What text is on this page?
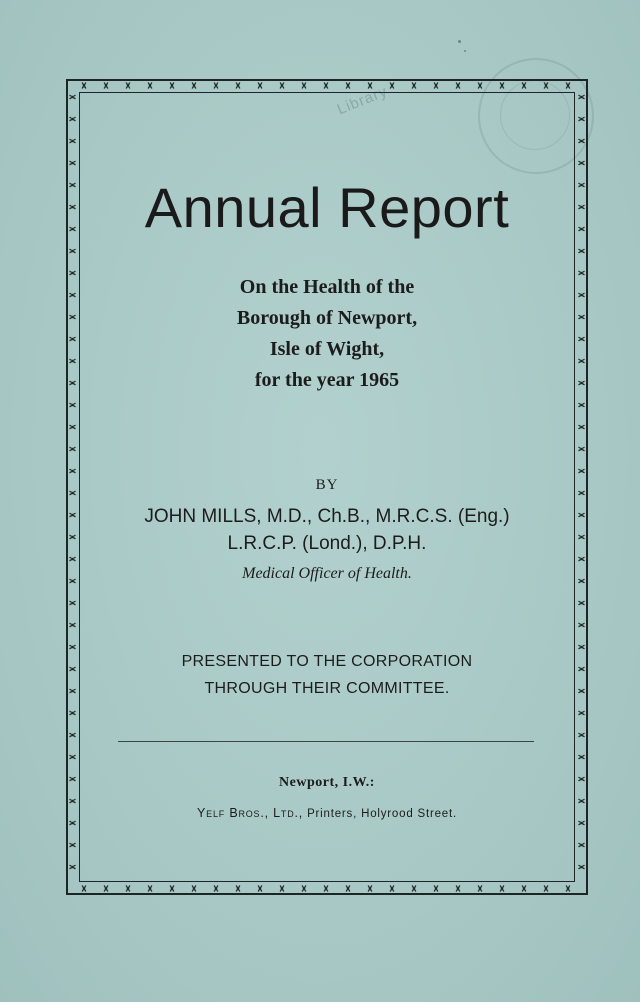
Library
Annual Report
On the Health of the
Borough of Newport,
Isle of Wight,
for the year 1965
BY
JOHN MILLS, M.D., Ch.B., M.R.C.S. (Eng.)
L.R.C.P. (Lond.), D.P.H.
Medical Officer of Health.
PRESENTED TO THE CORPORATION
THROUGH THEIR COMMITTEE.
Newport, I.W.:
Yelf Bros., Ltd., Printers, Holyrood Street.
